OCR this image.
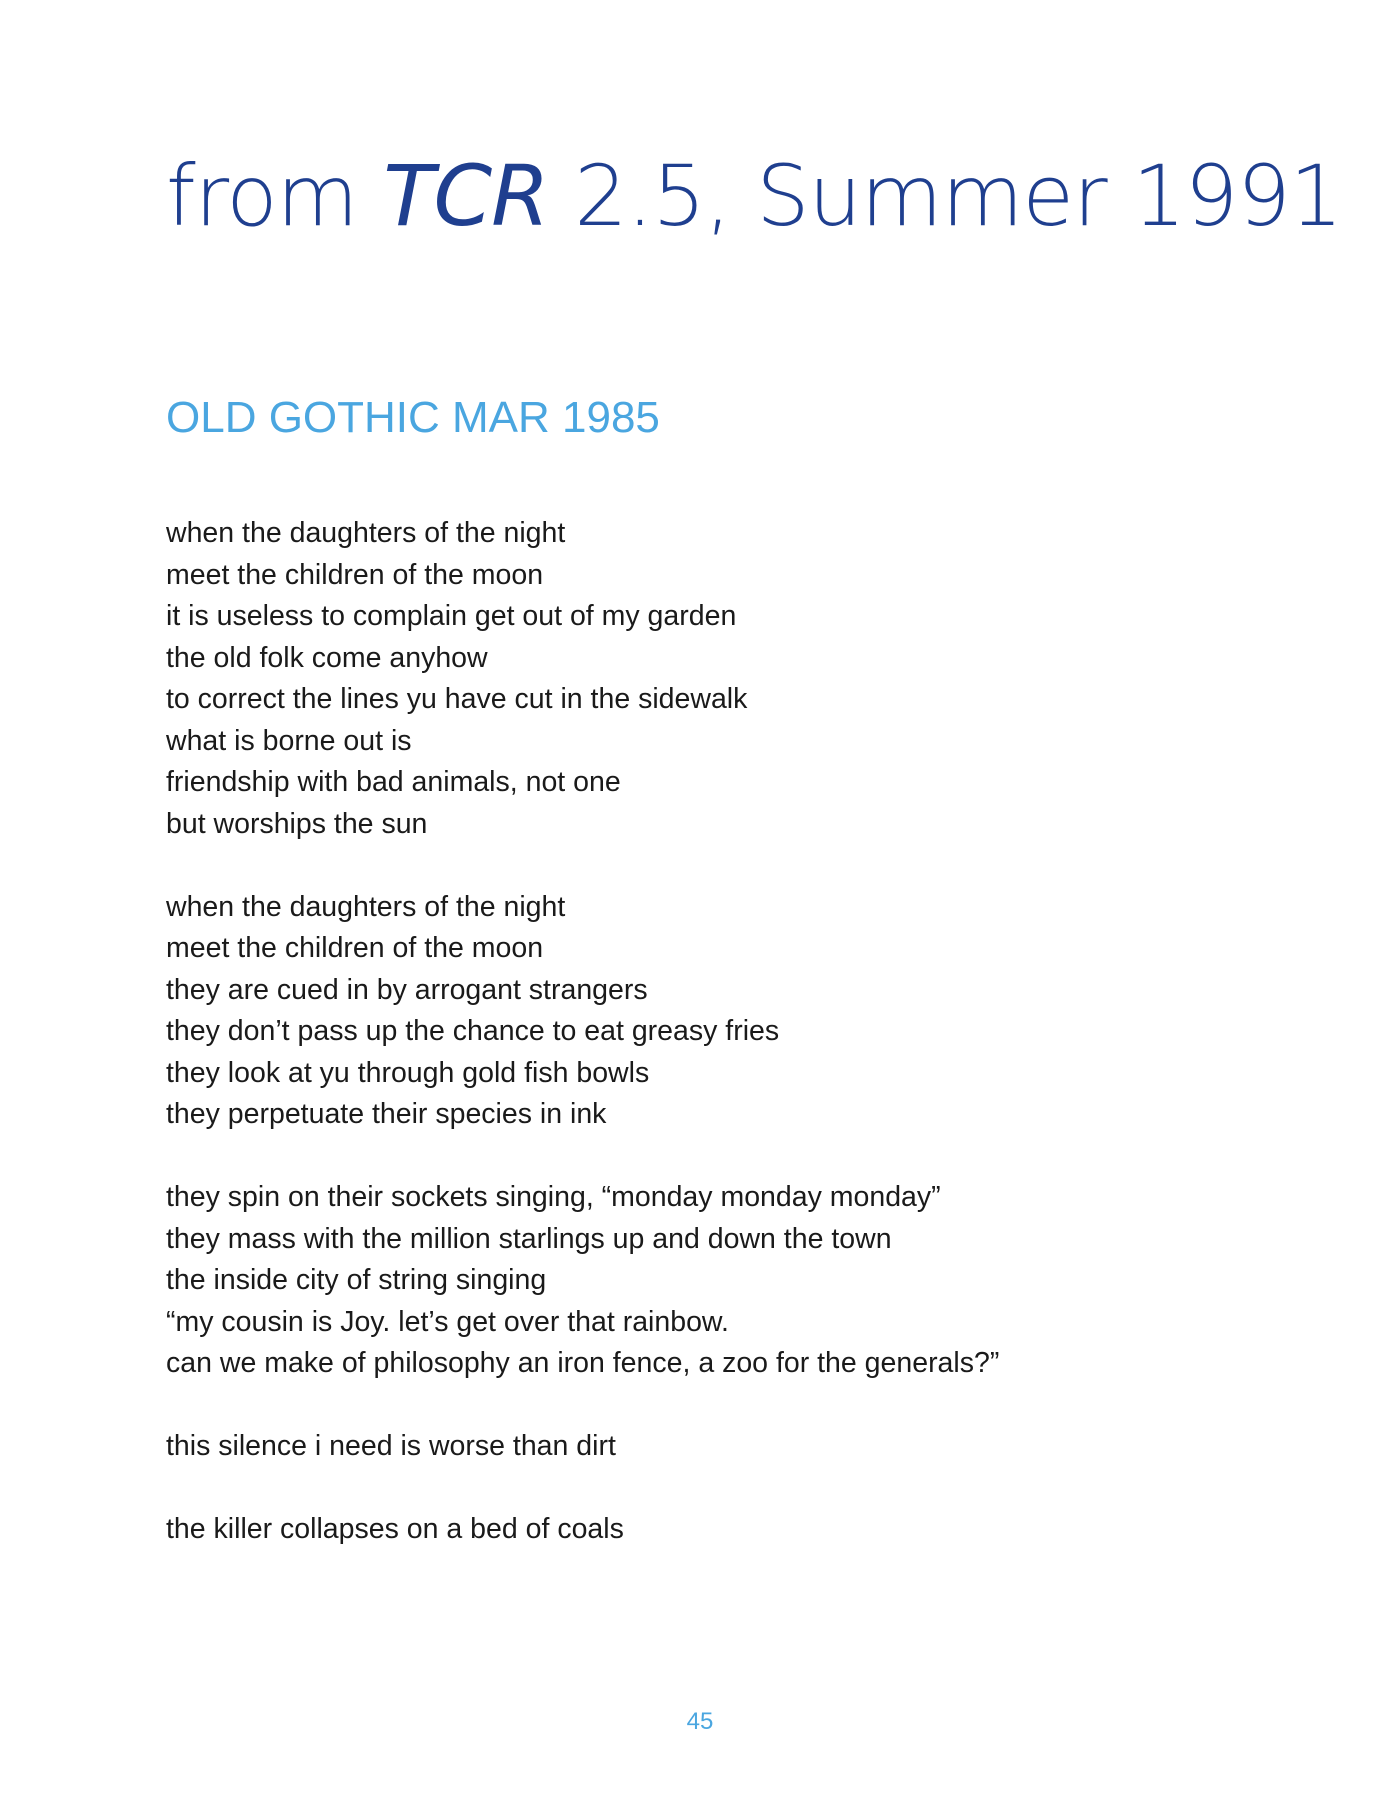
from TCR 2.5, Summer 1991
OLD GOTHIC MAR 1985
when the daughters of the night
meet the children of the moon
it is useless to complain get out of my garden
the old folk come anyhow
to correct the lines yu have cut in the sidewalk
what is borne out is
friendship with bad animals, not one
but worships the sun
when the daughters of the night
meet the children of the moon
they are cued in by arrogant strangers
they don’t pass up the chance to eat greasy fries
they look at yu through gold fish bowls
they perpetuate their species in ink
they spin on their sockets singing, “monday monday monday”
they mass with the million starlings up and down the town
the inside city of string singing
“my cousin is Joy. let’s get over that rainbow.
can we make of philosophy an iron fence, a zoo for the generals?”
this silence i need is worse than dirt
the killer collapses on a bed of coals
45
